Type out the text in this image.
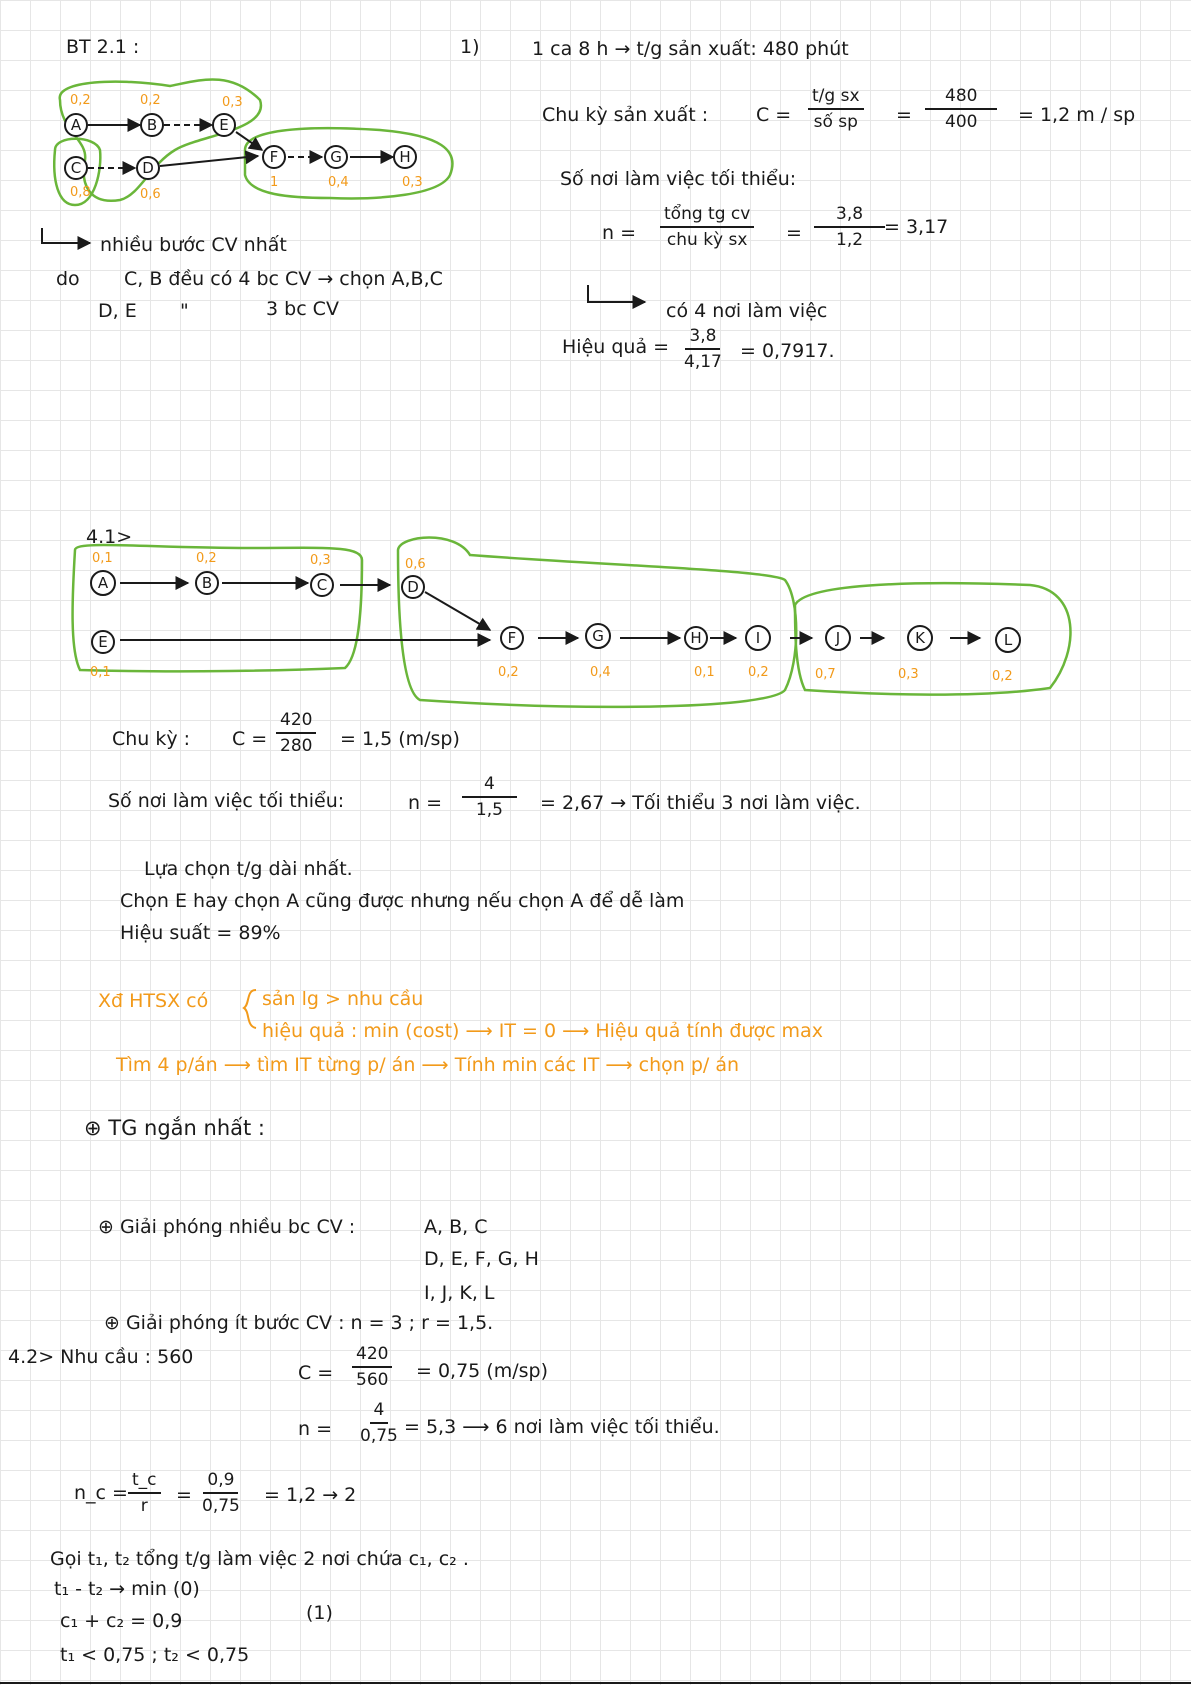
A	B	E
C	D
F	G	H
0,2	0,2	0,3
0,8	0,6
1	0,4	0,3
A	B	C	D
E	F	G	H	I	J	K	L
0,1	0,2	0,3	0,6
0,1	0,2	0,4	0,1	0,2	0,7	0,3	0,2
BT 2.1 :	1)	1 ca 8 h → t/g sản xuất: 480 phút
nhiều bước CV nhất
do C, B đều có 4 bc CV → chọn A,B,C
D, E "	3 bc CV
Chu kỳ sản xuất :	$C = \frac{\text{t/g sx}}{\text{số sp}} = \frac{480}{400} = 1,2$ m / sp
Số nơi làm việc tối thiểu:
n =
tổng tg cv
chu kỳ sx = $\frac{3,8}{1,2}$
= 3,17
có 4 nơi làm việc
Hiệu quả = $\frac{3,8}{4,17} = 0,7917$.
4.1>
Chu kỳ : $C = \frac{420}{280} = 1,5$ (m/sp)
Số nơi làm việc tối thiểu:	$n = \frac{4}{1,5} = 2,67$ → Tối thiểu 3 nơi làm việc.
Lựa chọn t/g dài nhất.
Chọn E hay chọn A cũng được nhưng nếu chọn A để dễ làm
Hiệu suất = 89%
Xđ HTSX có	sản lg > nhu cầu
hiệu quả : min (cost) ⟶ IT = 0 ⟶ Hiệu quả tính được max
Tìm 4 p/án ⟶ tìm IT từng p/ án ⟶ Tính min các IT ⟶ chọn p/ án
⊕ TG ngắn nhất :
⊕ Giải phóng nhiều bc CV :	A, B, C
D, E, F, G, H
I, J, K, L
⊕ Giải phóng ít bước CV : n = 3 ; r = 1,5.
4.2> Nhu cầu : 560
$C = \frac{420}{560} = 0,75$ (m/sp)
$n = \frac{4}{0,75} = 5,3$ ⟶ 6 nơi làm việc tối thiểu.
n_c = $\frac{t\_c}{r} = \frac{0,9}{0,75} = 1,2 \to 2$
Gọi t₁, t₂ tổng t/g làm việc 2 nơi chứa c₁, c₂ .
t₁ - t₂ → min (0)
c₁ + c₂ = 0,9	(1)
t₁ < 0,75 ; t₂ < 0,75
